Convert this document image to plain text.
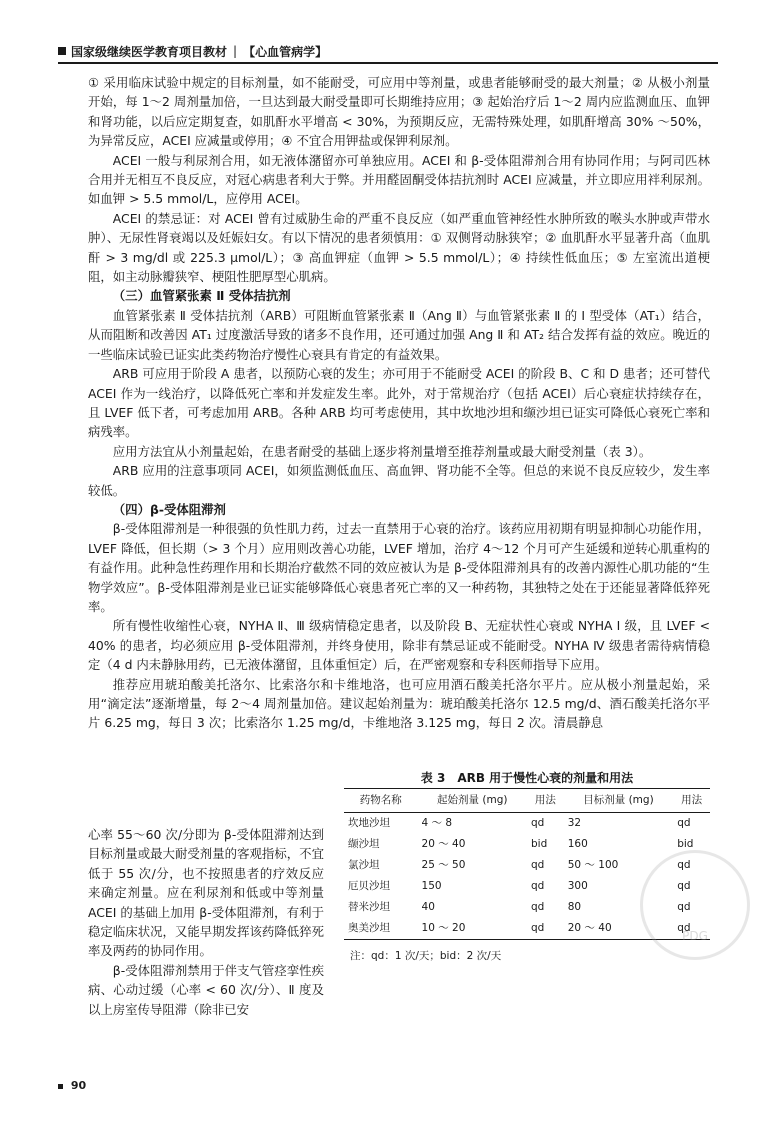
国家级继续医学教育项目教材 | 【心血管病学】

① 采用临床试验中规定的目标剂量，如不能耐受，可应用中等剂量，或患者能够耐受的最大剂量；② 从极小剂量开始，每 1～2 周剂量加倍，一旦达到最大耐受量即可长期维持应用；③ 起始治疗后 1～2 周内应监测血压、血钾和肾功能，以后应定期复查，如肌酐水平增高 < 30%，为预期反应，无需特殊处理，如肌酐增高 30% ～50%，为异常反应，ACEI 应减量或停用；④ 不宜合用钾盐或保钾利尿剂。

ACEI 一般与利尿剂合用，如无液体潴留亦可单独应用。ACEI 和 β-受体阻滞剂合用有协同作用；与阿司匹林合用并无相互不良反应，对冠心病患者利大于弊。并用醛固酮受体拮抗剂时 ACEI 应减量，并立即应用袢利尿剂。如血钾 > 5.5 mmol/L，应停用 ACEI。

ACEI 的禁忌证：对 ACEI 曾有过威胁生命的严重不良反应（如严重血管神经性水肿所致的喉头水肿或声带水肿）、无尿性肾衰竭以及妊娠妇女。有以下情况的患者须慎用：① 双侧肾动脉狭窄；② 血肌酐水平显著升高（血肌酐 > 3 mg/dl 或 225.3 μmol/L）；③ 高血钾症（血钾 > 5.5 mmol/L）；④ 持续性低血压；⑤ 左室流出道梗阻，如主动脉瓣狭窄、梗阻性肥厚型心肌病。

（三）血管紧张素 Ⅱ 受体拮抗剂

血管紧张素 Ⅱ 受体拮抗剂（ARB）可阻断血管紧张素 Ⅱ（Ang Ⅱ）与血管紧张素 Ⅱ 的 Ⅰ 型受体（AT₁）结合，从而阻断和改善因 AT₁ 过度激活导致的诸多不良作用，还可通过加强 Ang Ⅱ 和 AT₂ 结合发挥有益的效应。晚近的一些临床试验已证实此类药物治疗慢性心衰具有肯定的有益效果。

ARB 可应用于阶段 A 患者，以预防心衰的发生；亦可用于不能耐受 ACEI 的阶段 B、C 和 D 患者；还可替代 ACEI 作为一线治疗，以降低死亡率和并发症发生率。此外，对于常规治疗（包括 ACEI）后心衰症状持续存在，且 LVEF 低下者，可考虑加用 ARB。各种 ARB 均可考虑使用，其中坎地沙坦和缬沙坦已证实可降低心衰死亡率和病残率。

应用方法宜从小剂量起始，在患者耐受的基础上逐步将剂量增至推荐剂量或最大耐受剂量（表 3）。

ARB 应用的注意事项同 ACEI，如须监测低血压、高血钾、肾功能不全等。但总的来说不良反应较少，发生率较低。

（四）β-受体阻滞剂

β-受体阻滞剂是一种很强的负性肌力药，过去一直禁用于心衰的治疗。该药应用初期有明显抑制心功能作用，LVEF 降低，但长期（> 3 个月）应用则改善心功能，LVEF 增加，治疗 4～12 个月可产生延缓和逆转心肌重构的有益作用。此种急性药理作用和长期治疗截然不同的效应被认为是 β-受体阻滞剂具有的改善内源性心肌功能的“生物学效应”。β-受体阻滞剂是业已证实能够降低心衰患者死亡率的又一种药物，其独特之处在于还能显著降低猝死率。

所有慢性收缩性心衰，NYHA Ⅱ、Ⅲ 级病情稳定患者，以及阶段 B、无症状性心衰或 NYHA Ⅰ 级，且 LVEF < 40% 的患者，均必须应用 β-受体阻滞剂，并终身使用，除非有禁忌证或不能耐受。NYHA Ⅳ 级患者需待病情稳定（4 d 内未静脉用药，已无液体潴留，且体重恒定）后，在严密观察和专科医师指导下应用。

推荐应用琥珀酸美托洛尔、比索洛尔和卡维地洛，也可应用酒石酸美托洛尔平片。应从极小剂量起始，采用“滴定法”逐渐增量，每 2～4 周剂量加倍。建议起始剂量为：琥珀酸美托洛尔 12.5 mg/d、酒石酸美托洛尔平片 6.25 mg，每日 3 次；比索洛尔 1.25 mg/d，卡维地洛 3.125 mg，每日 2 次。清晨静息

心率 55～60 次/分即为 β-受体阻滞剂达到目标剂量或最大耐受剂量的客观指标，不宜低于 55 次/分，也不按照患者的疗效反应来确定剂量。应在利尿剂和低或中等剂量 ACEI 的基础上加用 β-受体阻滞剂，有利于稳定临床状况，又能早期发挥该药降低猝死率及两药的协同作用。

β-受体阻滞剂禁用于伴支气管痉挛性疾病、心动过缓（心率 < 60 次/分）、Ⅱ 度及以上房室传导阻滞（除非已安

表 3　ARB 用于慢性心衰的剂量和用法
药物名称	起始剂量 (mg)	用法	目标剂量 (mg)	用法
坎地沙坦	4 ～ 8	qd	32	qd
缬沙坦	20 ～ 40	bid	160	bid
氯沙坦	25 ～ 50	qd	50 ～ 100	qd
厄贝沙坦	150	qd	300	qd
替米沙坦	40	qd	80	qd
奥美沙坦	10 ～ 20	qd	20 ～ 40	qd
注：qd：1 次/天；bid：2 次/天
PDG
90
